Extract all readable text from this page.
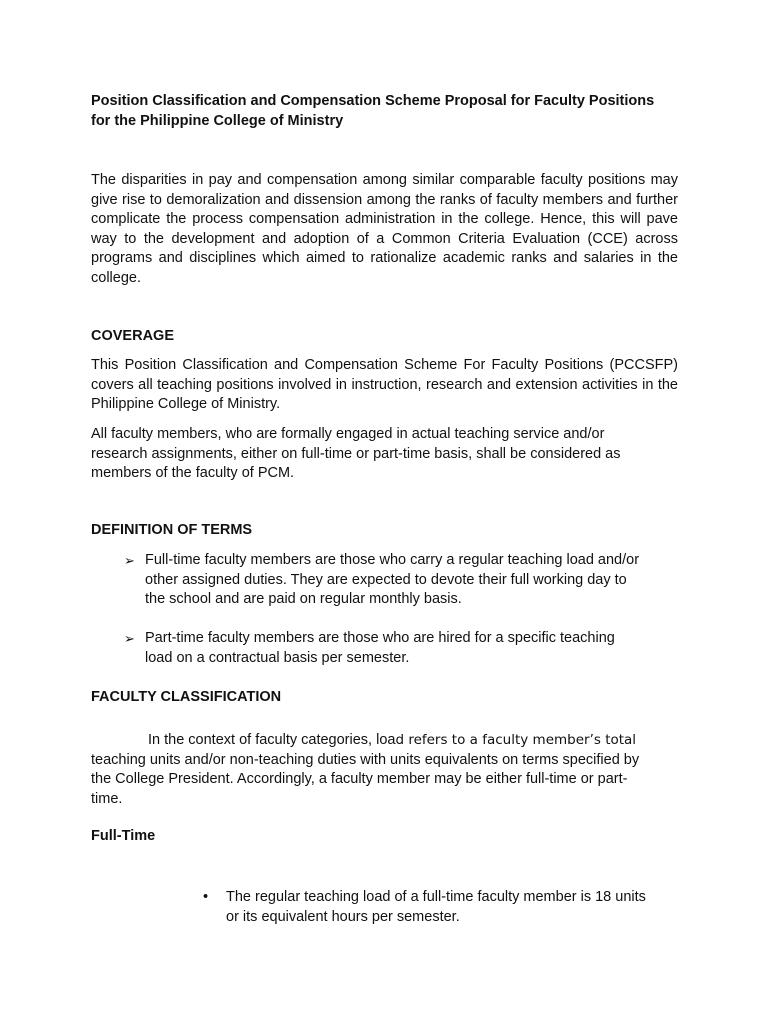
Position Classification and Compensation Scheme Proposal for Faculty Positions
for the Philippine College of Ministry

The disparities in pay and compensation among similar comparable faculty positions may give rise to demoralization and dissension among the ranks of faculty members and further complicate the process compensation administration in the college. Hence, this will pave way to the development and adoption of a Common Criteria Evaluation (CCE) across programs and disciplines which aimed to rationalize academic ranks and salaries in the college.

COVERAGE

This Position Classification and Compensation Scheme For Faculty Positions (PCCSFP) covers all teaching positions involved in instruction, research and extension activities in the Philippine College of Ministry.

All faculty members, who are formally engaged in actual teaching service and/or
research assignments, either on full-time or part-time basis, shall be considered as
members of the faculty of PCM.
DEFINITION OF TERMS
➢ Full-time faculty members are those who carry a regular teaching load and/or
other assigned duties. They are expected to devote their full working day to
the school and are paid on regular monthly basis.
➢ Part-time faculty members are those who are hired for a specific teaching
load on a contractual basis per semester.
FACULTY CLASSIFICATION
In the context of faculty categories, load refers to a faculty member’s total
teaching units and/or non-teaching duties with units equivalents on terms specified by
the College President. Accordingly, a faculty member may be either full-time or part-
time.
Full-Time
• The regular teaching load of a full-time faculty member is 18 units
or its equivalent hours per semester.
